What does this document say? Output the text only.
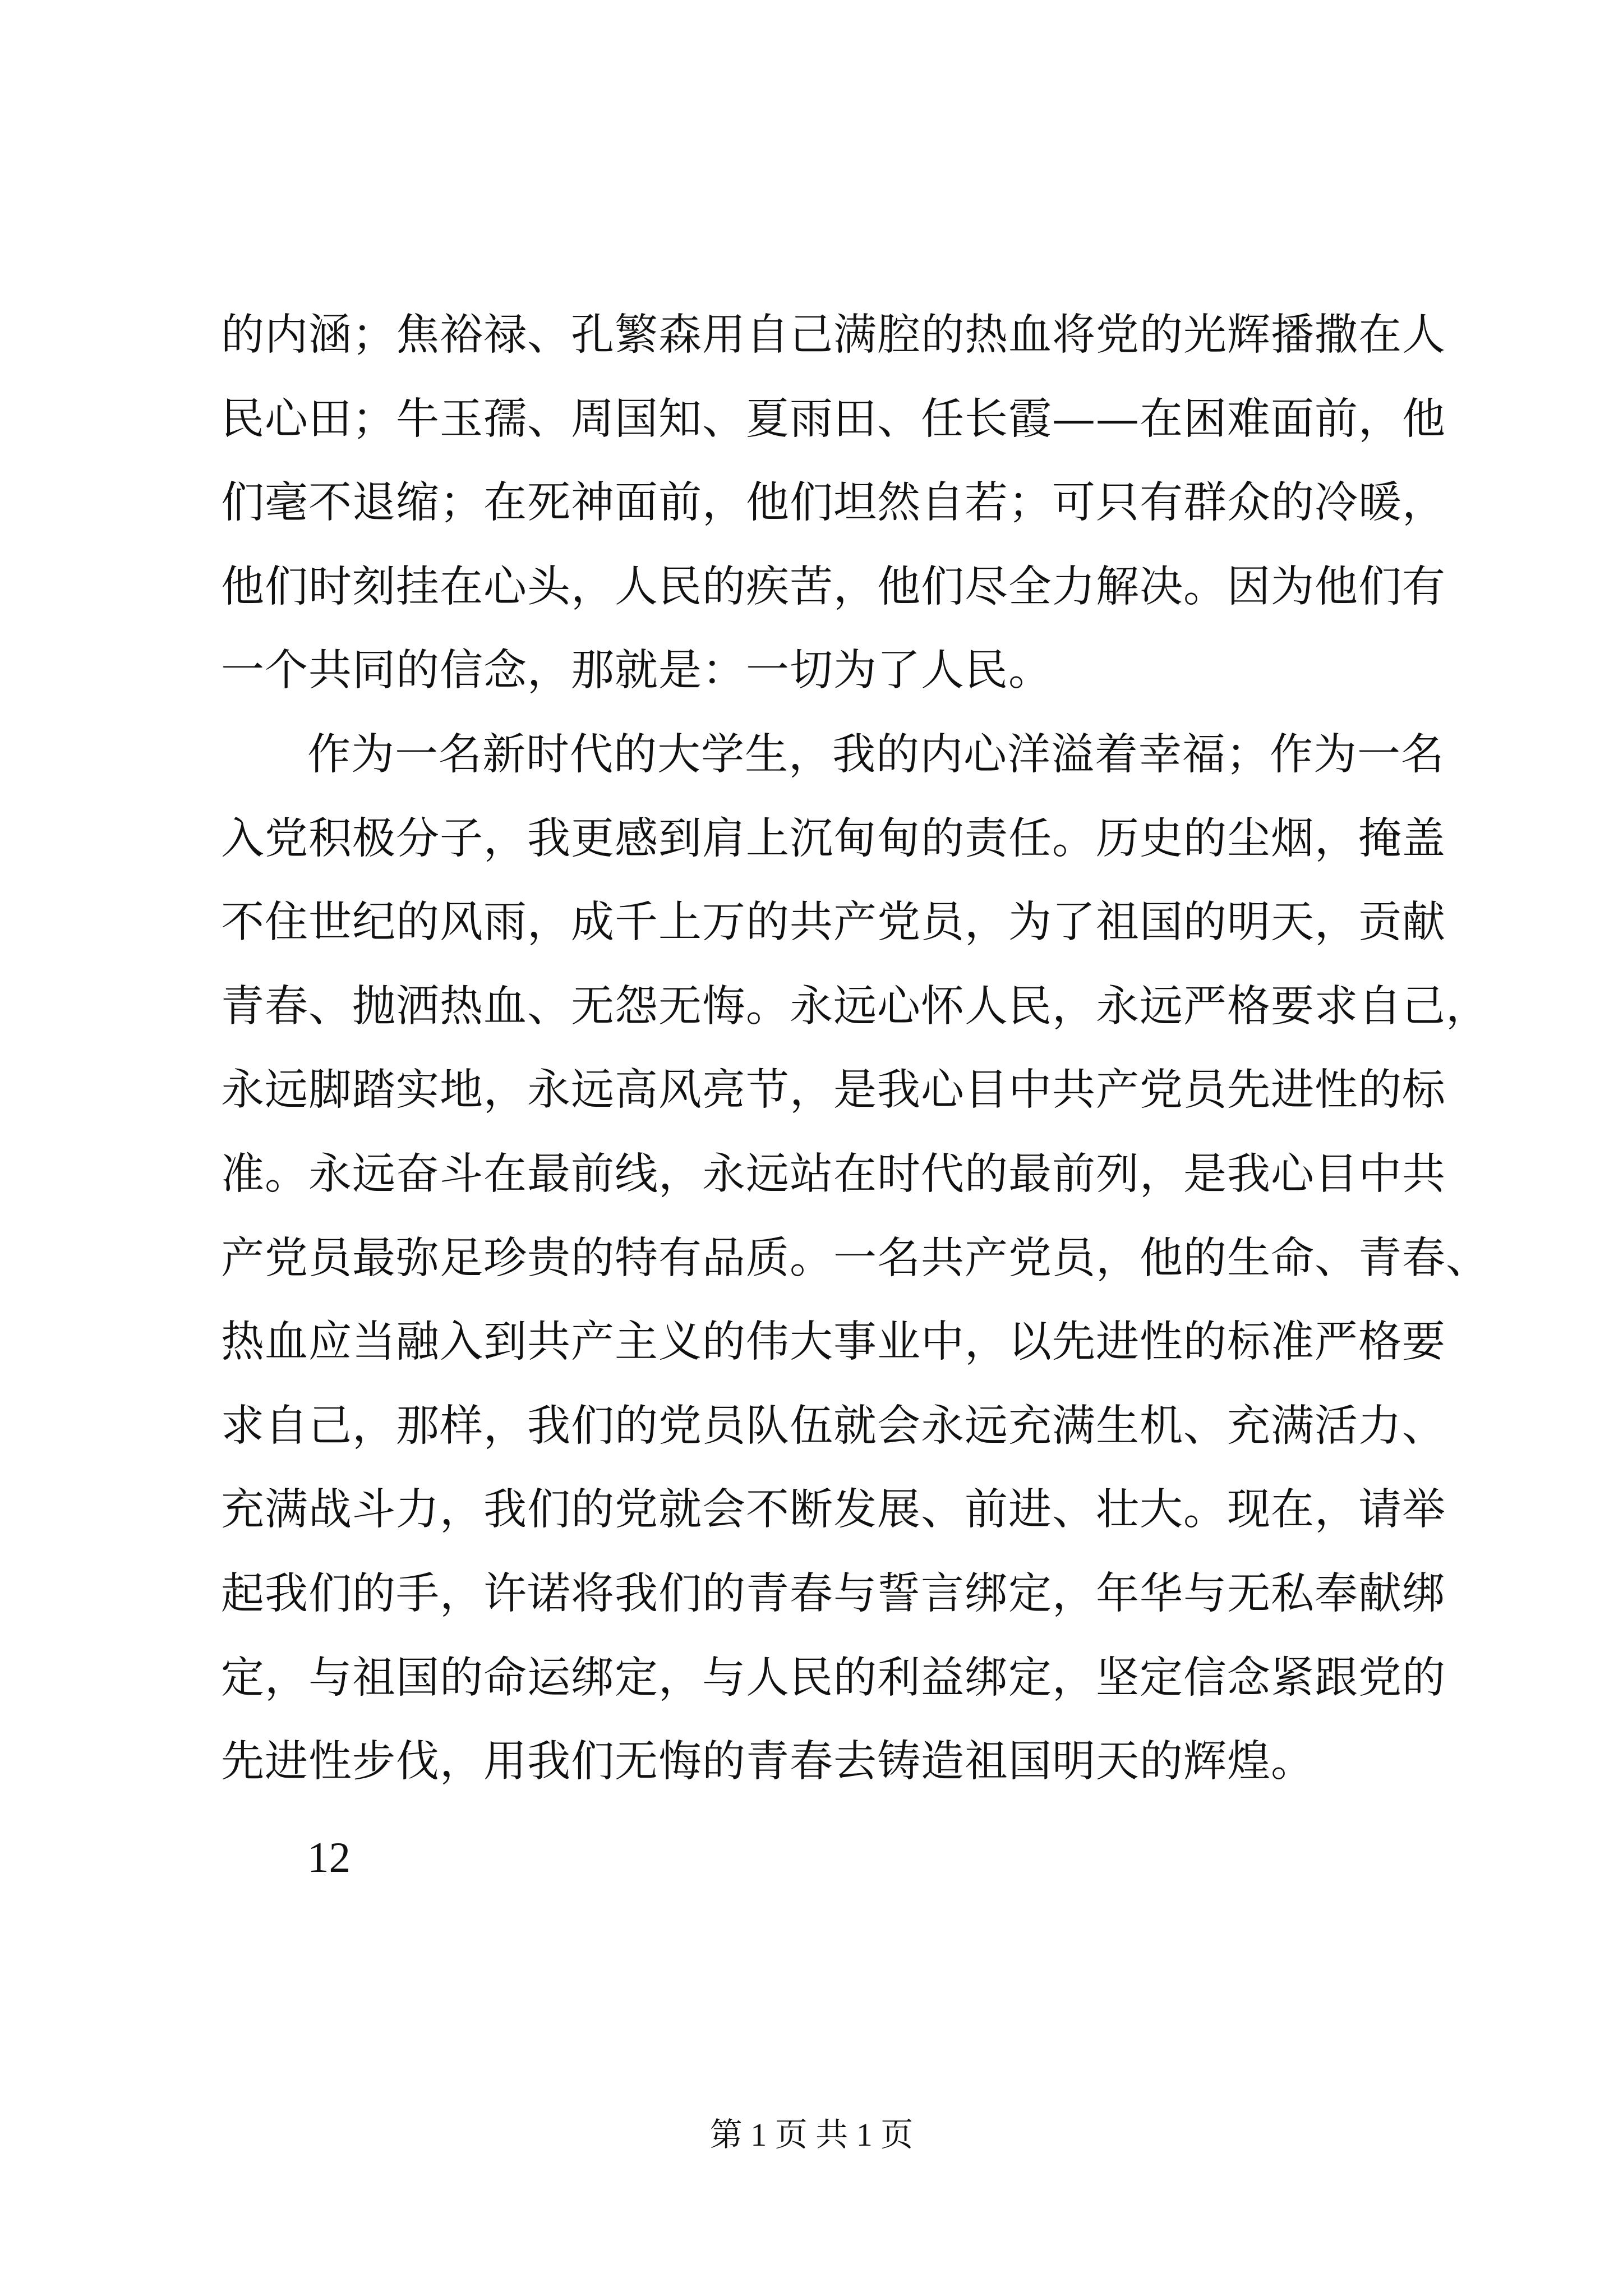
的内涵；焦裕禄、孔繁森用自己满腔的热血将党的光辉播撒在人
民心田；牛玉孺、周国知、夏雨田、任长霞——在困难面前，他
们毫不退缩；在死神面前，他们坦然自若；可只有群众的冷暖，
他们时刻挂在心头，人民的疾苦，他们尽全力解决。因为他们有
一个共同的信念，那就是：一切为了人民。
作为一名新时代的大学生，我的内心洋溢着幸福；作为一名
入党积极分子，我更感到肩上沉甸甸的责任。历史的尘烟，掩盖
不住世纪的风雨，成千上万的共产党员，为了祖国的明天，贡献
青春、抛洒热血、无怨无悔。永远心怀人民，永远严格要求自己，
永远脚踏实地，永远高风亮节，是我心目中共产党员先进性的标
准。永远奋斗在最前线，永远站在时代的最前列，是我心目中共
产党员最弥足珍贵的特有品质。一名共产党员，他的生命、青春、
热血应当融入到共产主义的伟大事业中，以先进性的标准严格要
求自己，那样，我们的党员队伍就会永远充满生机、充满活力、
充满战斗力，我们的党就会不断发展、前进、壮大。现在，请举
起我们的手，许诺将我们的青春与誓言绑定，年华与无私奉献绑
定，与祖国的命运绑定，与人民的利益绑定，坚定信念紧跟党的
先进性步伐，用我们无悔的青春去铸造祖国明天的辉煌。
12
第 1 页 共 1 页
